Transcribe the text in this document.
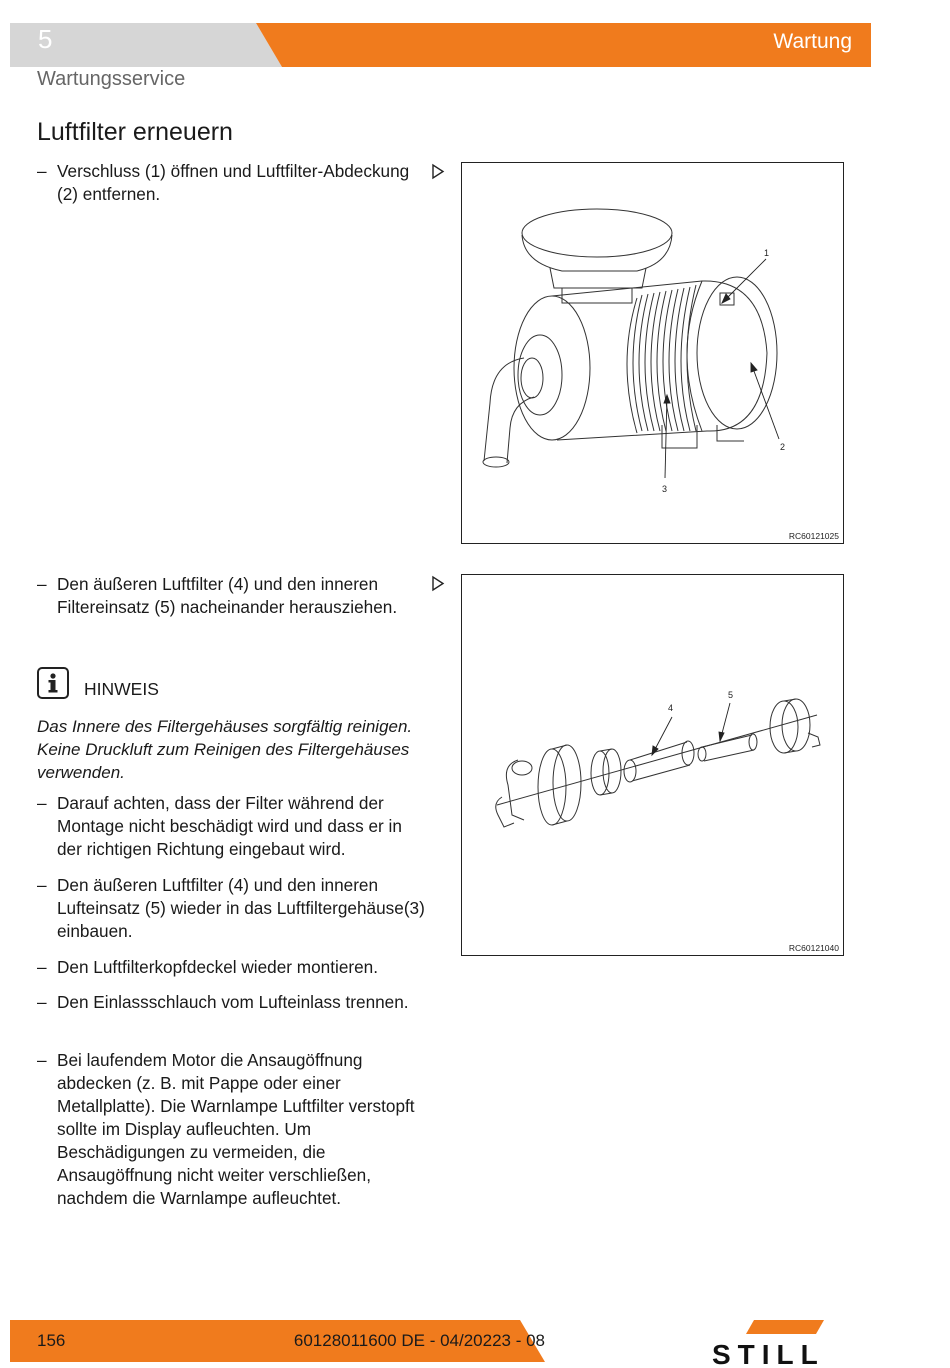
5	Wartung
Wartungsservice
Luftfilter erneuern
– Verschluss (1) öffnen und Luftfilter-Abdeckung (2) entfernen.
1
2
3
RC60121025
– Den äußeren Luftfilter (4) und den inneren Filtereinsatz (5) nacheinander herausziehen.
4
5
RC60121040
HINWEIS
Das Innere des Filtergehäuses sorgfältig reinigen. Keine Druckluft zum Reinigen des Filtergehäuses verwenden.
– Darauf achten, dass der Filter während der Montage nicht beschädigt wird und dass er in der richtigen Richtung eingebaut wird.
– Den äußeren Luftfilter (4) und den inneren Lufteinsatz (5) wieder in das Luftfiltergehäuse(3) einbauen.
– Den Luftfilterkopfdeckel wieder montieren.
– Den Einlassschlauch vom Lufteinlass trennen.
– Bei laufendem Motor die Ansaugöffnung abdecken (z. B. mit Pappe oder einer Metallplatte). Die Warnlampe Luftfilter verstopft sollte im Display aufleuchten. Um Beschädigungen zu vermeiden, die Ansaugöffnung nicht weiter verschließen, nachdem die Warnlampe aufleuchtet.
156	60128011600 DE - 04/20223 - 08	STILL
